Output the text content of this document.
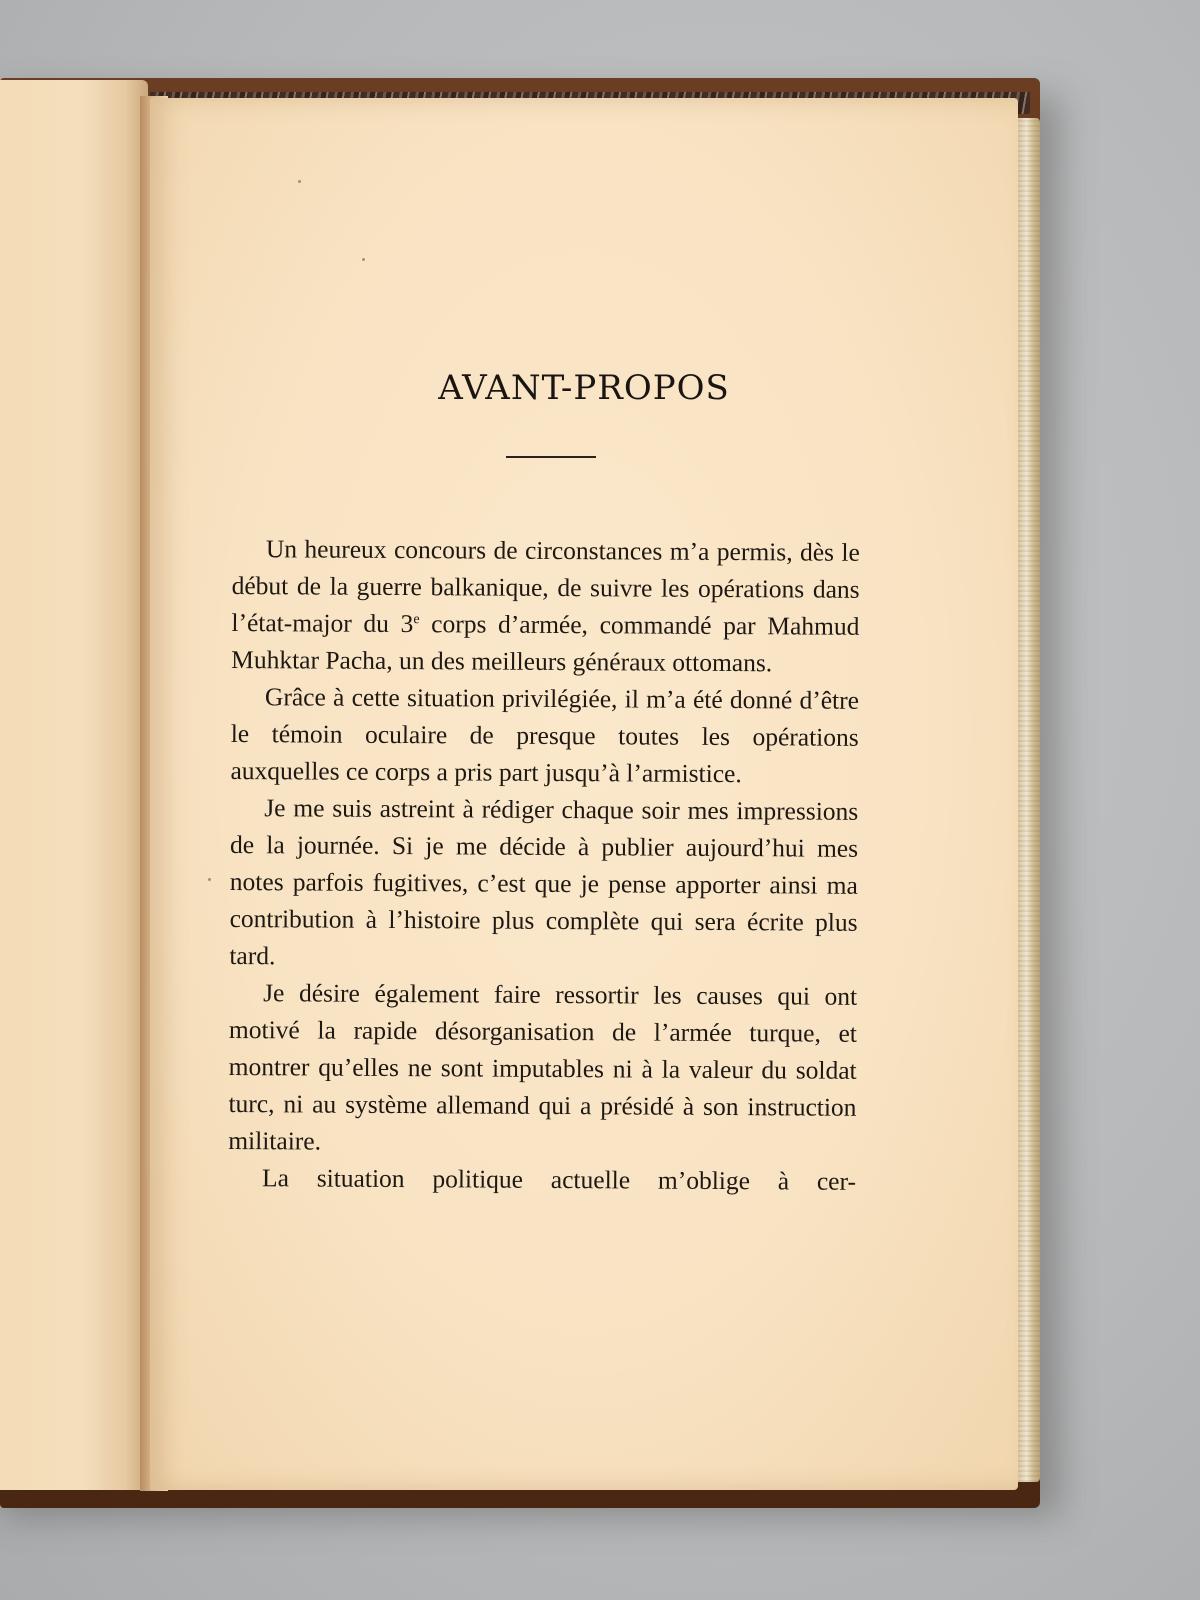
AVANT-PROPOS

Un heureux concours de circonstances m’a permis, dès le début de la guerre balkanique, de suivre les opérations dans l’état-major du 3e corps d’armée, commandé par Mahmud Muhktar Pacha, un des meilleurs généraux ottomans.

Grâce à cette situation privilégiée, il m’a été donné d’être le témoin oculaire de presque toutes les opérations auxquelles ce corps a pris part jusqu’à l’armistice.

Je me suis astreint à rédiger chaque soir mes impressions de la journée. Si je me décide à publier aujourd’hui mes notes parfois fugitives, c’est que je pense apporter ainsi ma contribution à l’histoire plus complète qui sera écrite plus tard.

Je désire également faire ressortir les causes qui ont motivé la rapide désorganisation de l’armée turque, et montrer qu’elles ne sont imputables ni à la valeur du soldat turc, ni au système allemand qui a présidé à son instruction militaire.

La situation politique actuelle m’oblige à cer-
